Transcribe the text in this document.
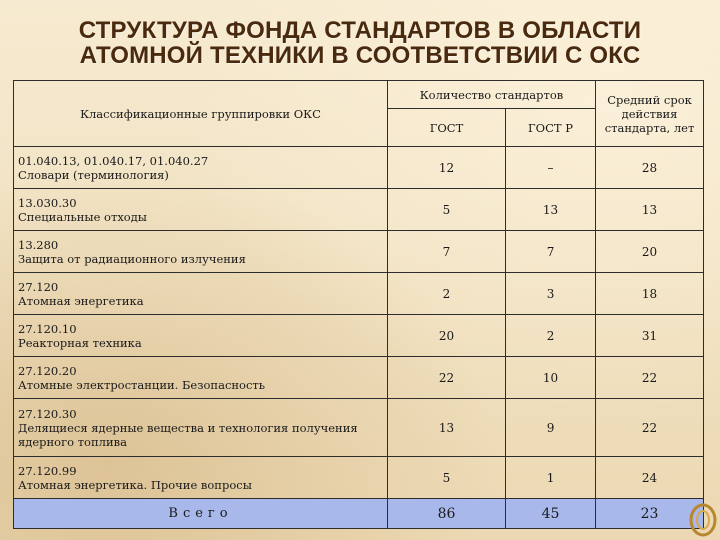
СТРУКТУРА ФОНДА СТАНДАРТОВ В ОБЛАСТИ
АТОМНОЙ ТЕХНИКИ В СООТВЕТСТВИИ С ОКС
Классификационные группировки ОКС	Количество стандартов		Средний срок действия стандарта, лет
	ГОСТ	ГОСТ Р	

01.040.13, 01.040.17, 01.040.27
Словари (терминология)	12	–	28

13.030.30
Специальные отходы	5	13	13

13.280
Защита от радиационного излучения	7	7	20

27.120
Атомная энергетика	2	3	18

27.120.10
Реакторная техника	20	2	31

27.120.20
Атомные электростанции. Безопасность	22	10	22

27.120.30
Делящиеся ядерные вещества и технология получения ядерного топлива	13	9	22

27.120.99
Атомная энергетика. Прочие вопросы	5	1	24
Всего	86	45	23
